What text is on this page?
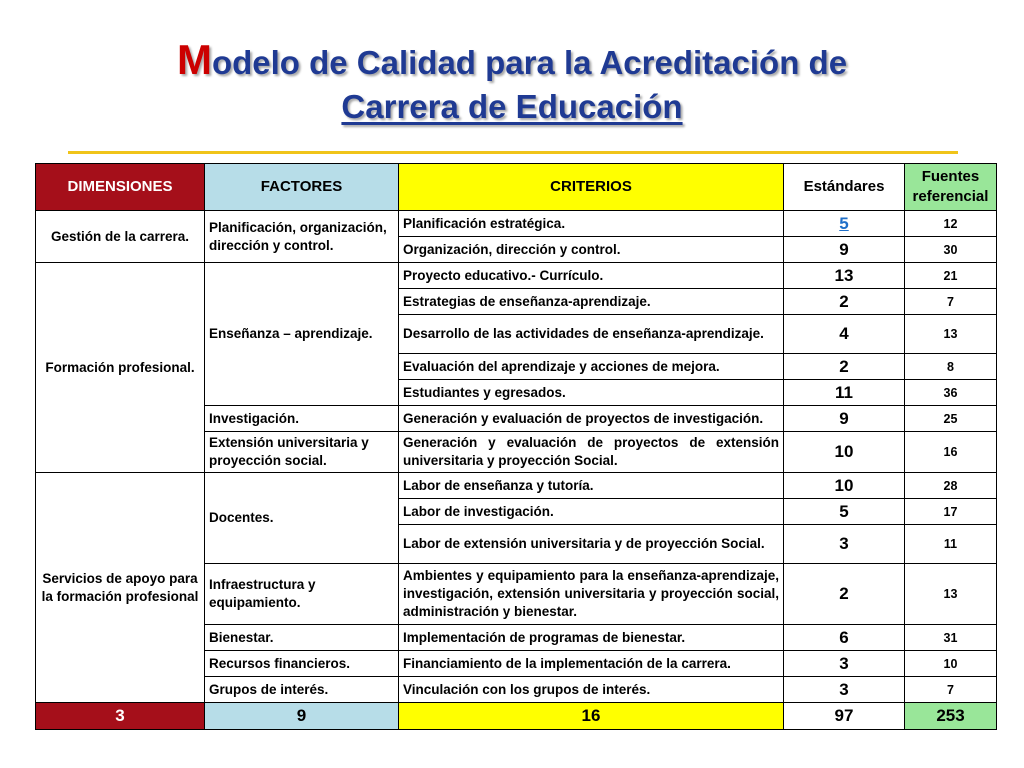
Modelo de Calidad para la Acreditación de
Carrera de Educación
DIMENSIONES	FACTORES	CRITERIOS	Estándares	Fuentes referencial
Gestión de la carrera.	Planificación, organización, dirección y control.	Planificación estratégica.	5	12
		Organización, dirección y control.	9	30
Formación profesional.	Enseñanza – aprendizaje.	Proyecto educativo.- Currículo.	13	21
		Estrategias de enseñanza-aprendizaje.	2	7
		Desarrollo de las actividades de enseñanza-aprendizaje.	4	13
		Evaluación del aprendizaje y acciones de mejora.	2	8
		Estudiantes y egresados.	11	36
	Investigación.	Generación y evaluación de proyectos de investigación.	9	25
	Extensión universitaria y proyección social.	Generación y evaluación de proyectos de extensión universitaria y proyección Social.	10	16
Servicios de apoyo para la formación profesional	Docentes.	Labor de enseñanza y tutoría.	10	28
		Labor de investigación.	5	17
		Labor de extensión universitaria y de proyección Social.	3	11
	Infraestructura y equipamiento.	Ambientes y equipamiento para la enseñanza-aprendizaje, investigación, extensión universitaria y proyección social, administración y bienestar.	2	13
	Bienestar.	Implementación de programas de bienestar.	6	31
	Recursos financieros.	Financiamiento de la implementación de la carrera.	3	10
	Grupos de interés.	Vinculación con los grupos de interés.	3	7
3	9	16	97	253
